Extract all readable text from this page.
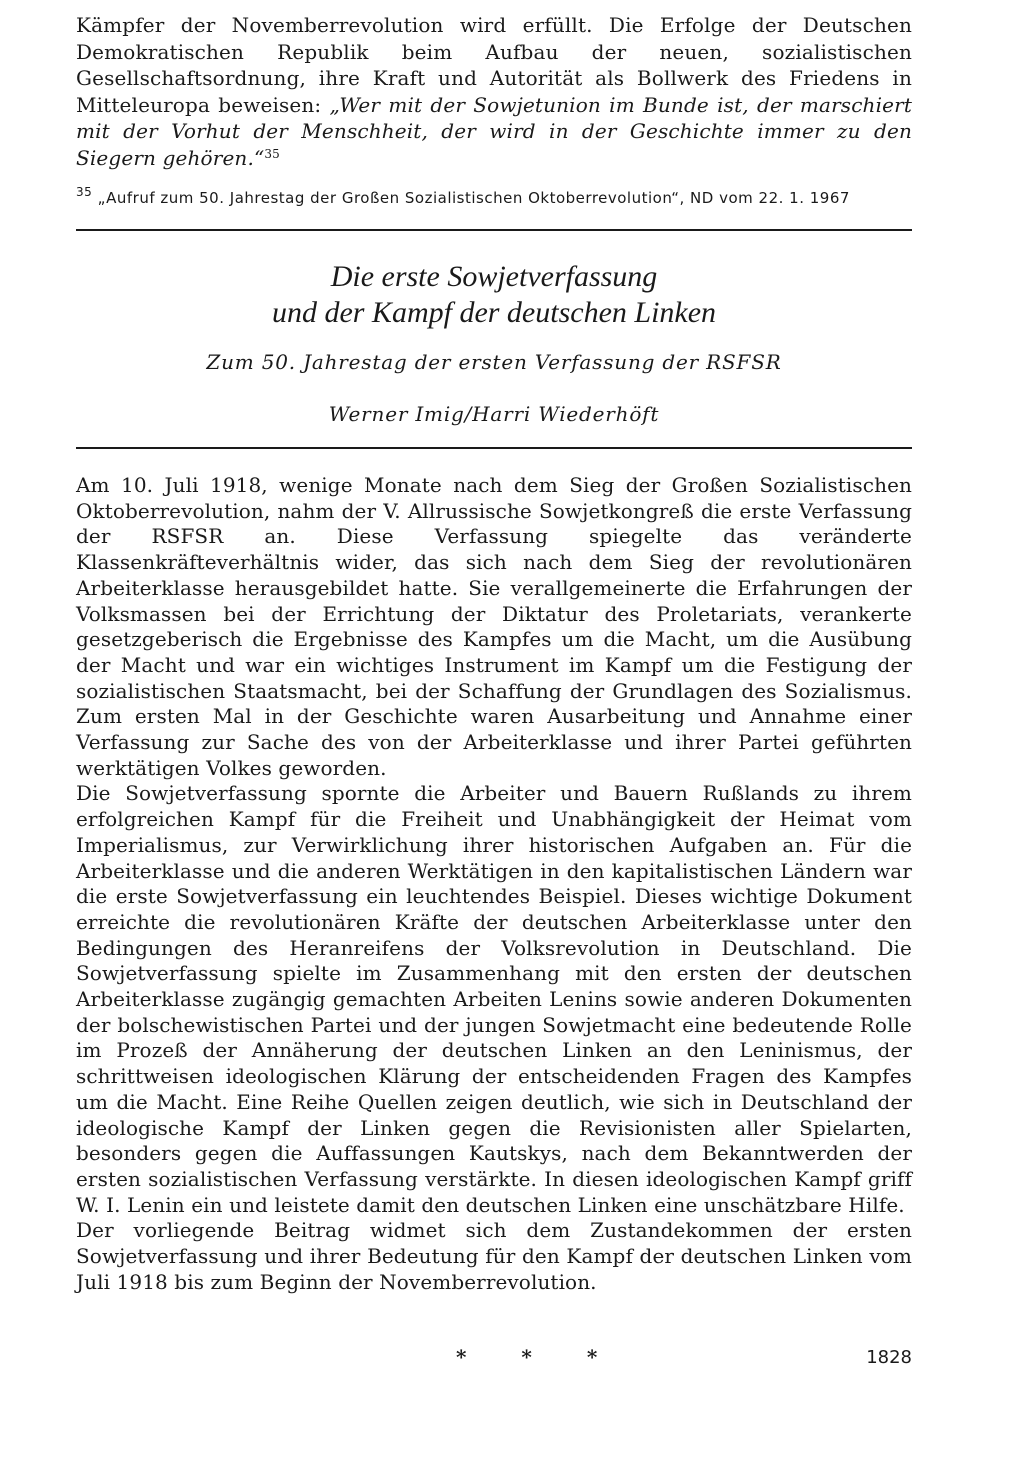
Kämpfer der Novemberrevolution wird erfüllt. Die Erfolge der Deutschen Demokratischen Republik beim Aufbau der neuen, sozialistischen Gesellschaftsordnung, ihre Kraft und Autorität als Bollwerk des Friedens in Mitteleuropa beweisen: „Wer mit der Sowjetunion im Bunde ist, der marschiert mit der Vorhut der Menschheit, der wird in der Geschichte immer zu den Siegern gehören.“$^{35}$

$^{35}$ „Aufruf zum 50. Jahrestag der Großen Sozialistischen Oktoberrevolution“, ND vom 22. 1. 1967
Die erste Sowjetverfassung
und der Kampf der deutschen Linken

Zum 50. Jahrestag der ersten Verfassung der RSFSR

Werner Imig/Harri Wiederhöft

Am 10. Juli 1918, wenige Monate nach dem Sieg der Großen Sozialistischen Oktoberrevolution, nahm der V. Allrussische Sowjetkongreß die erste Verfassung der RSFSR an. Diese Verfassung spiegelte das veränderte Klassenkräfteverhältnis wider, das sich nach dem Sieg der revolutionären Arbeiterklasse herausgebildet hatte. Sie verallgemeinerte die Erfahrungen der Volksmassen bei der Errichtung der Diktatur des Proletariats, verankerte gesetzgeberisch die Ergebnisse des Kampfes um die Macht, um die Ausübung der Macht und war ein wichtiges Instrument im Kampf um die Festigung der sozialistischen Staatsmacht, bei der Schaffung der Grundlagen des Sozialismus. Zum ersten Mal in der Geschichte waren Ausarbeitung und Annahme einer Verfassung zur Sache des von der Arbeiterklasse und ihrer Partei geführten werktätigen Volkes geworden.

Die Sowjetverfassung spornte die Arbeiter und Bauern Rußlands zu ihrem erfolgreichen Kampf für die Freiheit und Unabhängigkeit der Heimat vom Imperialismus, zur Verwirklichung ihrer historischen Aufgaben an. Für die Arbeiterklasse und die anderen Werktätigen in den kapitalistischen Ländern war die erste Sowjetverfassung ein leuchtendes Beispiel. Dieses wichtige Dokument erreichte die revolutionären Kräfte der deutschen Arbeiterklasse unter den Bedingungen des Heranreifens der Volksrevolution in Deutschland. Die Sowjetverfassung spielte im Zusammenhang mit den ersten der deutschen Arbeiterklasse zugängig gemachten Arbeiten Lenins sowie anderen Dokumenten der bolschewistischen Partei und der jungen Sowjetmacht eine bedeutende Rolle im Prozeß der Annäherung der deutschen Linken an den Leninismus, der schrittweisen ideologischen Klärung der entscheidenden Fragen des Kampfes um die Macht. Eine Reihe Quellen zeigen deutlich, wie sich in Deutschland der ideologische Kampf der Linken gegen die Revisionisten aller Spielarten, besonders gegen die Auffassungen Kautskys, nach dem Bekanntwerden der ersten sozialistischen Verfassung verstärkte. In diesen ideologischen Kampf griff W. I. Lenin ein und leistete damit den deutschen Linken eine unschätzbare Hilfe.

Der vorliegende Beitrag widmet sich dem Zustandekommen der ersten Sowjetverfassung und ihrer Bedeutung für den Kampf der deutschen Linken vom Juli 1918 bis zum Beginn der Novemberrevolution.

* * *	1828
